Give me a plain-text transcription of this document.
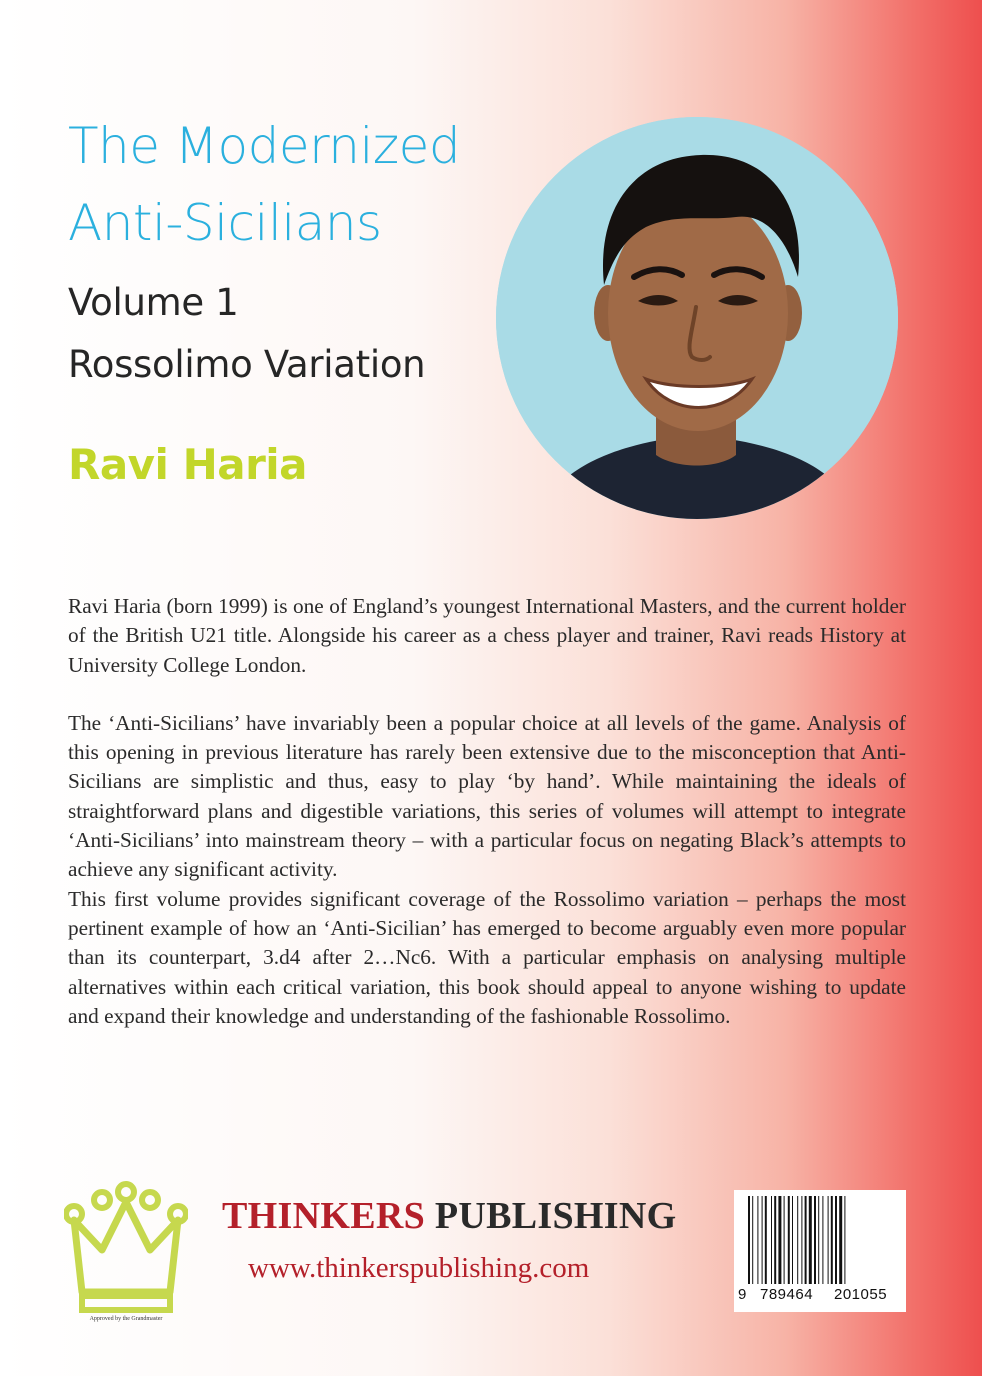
The Modernized
Anti-Sicilians
Volume 1
Rossolimo Variation
Ravi Haria

Ravi Haria (born 1999) is one of England’s youngest International Masters, and the current holder of the British U21 title. Alongside his career as a chess player and trainer, Ravi reads History at University College London.

The ‘Anti-Sicilians’ have invariably been a popular choice at all levels of the game. Analysis of this opening in previous literature has rarely been extensive due to the misconception that Anti-Sicilians are simplistic and thus, easy to play ‘by hand’. While maintaining the ideals of straightforward plans and digestible variations, this series of volumes will attempt to integrate ‘Anti-Sicilians’ into mainstream theory – with a particular focus on negating Black’s attempts to achieve any significant activity.

This first volume provides significant coverage of the Rossolimo variation – perhaps the most pertinent example of how an ‘Anti-Sicilian’ has emerged to become arguably even more popular than its counterpart, 3.d4 after 2…Nc6. With a particular emphasis on analysing multiple alternatives within each critical variation, this book should appeal to anyone wishing to update and expand their knowledge and understanding of the fashionable Rossolimo.

Approved by the Grandmaster
THINKERS PUBLISHING
www.thinkerspublishing.com
9 789464 201055
